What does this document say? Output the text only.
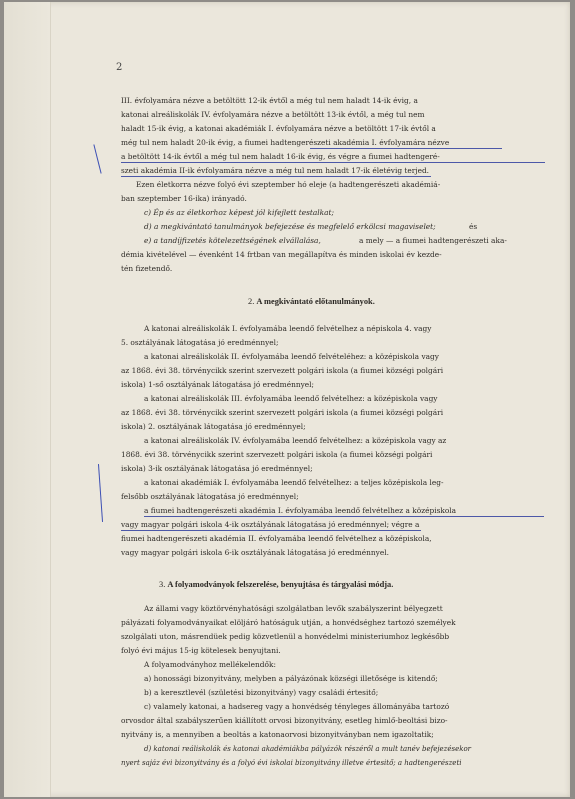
2
III. évfolyamára nézve a betöltött 12-ik évtől a még tul nem haladt 14-ik évig, a
katonai alreáliskolák IV. évfolyamára nézve a betöltött 13-ik évtől, a még tul nem
haladt 15-ik évig, a katonai akadémiák I. évfolyamára nézve a betöltött 17-ik évtől a
még tul nem haladt 20-ik évig, a fiumei hadtengerészeti akadémia I. évfolyamára nézve
a betöltött 14-ik évtől a még tul nem haladt 16-ik évig, és végre a fiumei hadtengeré-
szeti akadémia II-ik évfolyamára nézve a még tul nem haladt 17-ik életévig terjed.
Ezen életkorra nézve folyó évi szeptember hó eleje (a hadtengerészeti akadémiá-
ban szeptember 16-ika) irányadó.
c) Ép és az életkorhoz képest jól kifejlett testalkat;
d) a megkivántató tanulmányok befejezése és megfelelő erkölcsi magaviselet;	és
e) a tandíjfizetés kötelezettségének elvállalása,	a mely — a fiumei hadtengerészeti aka-
démia kivételével — évenként 14 frtban van megállapítva és minden iskolai év kezde-
tén fizetendő.
2. A megkivántató előtanulmányok.
A katonai alreáliskolák I. évfolyamába leendő felvételhez a népiskola 4. vagy
5. osztályának látogatása jó eredménnyel;
a katonai alreáliskolák II. évfolyamába leendő felvételéhez: a középiskola vagy
az 1868. évi 38. törvénycikk szerint szervezett polgári iskola (a fiumei községi polgári
iskola) 1-ső osztályának látogatása jó eredménnyel;
a katonai alreáliskolák III. évfolyamába leendő felvételhez: a középiskola vagy
az 1868. évi 38. törvénycikk szerint szervezett polgári iskola (a fiumei községi polgári
iskola) 2. osztályának látogatása jó eredménnyel;
a katonai alreáliskolák IV. évfolyamába leendő felvételhez: a középiskola vagy az
1868. évi 38. törvénycikk szerint szervezett polgári iskola (a fiumei községi polgári
iskola) 3-ik osztályának látogatása jó eredménnyel;
a katonai akadémiák I. évfolyamába leendő felvételhez: a teljes középiskola leg-
felsőbb osztályának látogatása jó eredménnyel;
a fiumei hadtengerészeti akadémia I. évfolyamába leendő felvételhez a középiskola
vagy magyar polgári iskola 4-ik osztályának látogatása jó eredménnyel; végre a
fiumei hadtengerészeti akadémia II. évfolyamába leendő felvételhez a középiskola,
vagy magyar polgári iskola 6-ik osztályának látogatása jó eredménnyel.
3. A folyamodványok felszerelése, benyujtása és tárgyalási módja.
Az állami vagy köztörvényhatósági szolgálatban levők szabályszerint bélyegzett
pályázati folyamodványaikat elöljáró hatóságuk utján, a honvédséghez tartozó személyek
szolgálati uton, másrendüek pedig közvetlenül a honvédelmi ministeriumhoz legkésőbb
folyó évi május 15-ig kötelesek benyujtani.
A folyamodványhoz mellékelendők:
a) honossági bizonyitvány, melyben a pályázónak községi illetősége is kitendő;
b) a keresztlevél (születési bizonyitvány) vagy családi értesitő;
c) valamely katonai, a hadsereg vagy a honvédség tényleges állományába tartozó
orvosdor által szabályszerűen kiállított orvosi bizonyitvány, esetleg himlő-beoltási bizo-
nyitvány is, a mennyiben a beoltás a katonaorvosi bizonyitványban nem igazoltatik;
d) katonai reáliskolák és katonai akadémiákba pályázók részéről a mult tanév befejezésekor
nyert sajáz évi bizonyitvány és a folyó évi iskolai bizonyitvány illetve értesitő; a hadtengerészeti
